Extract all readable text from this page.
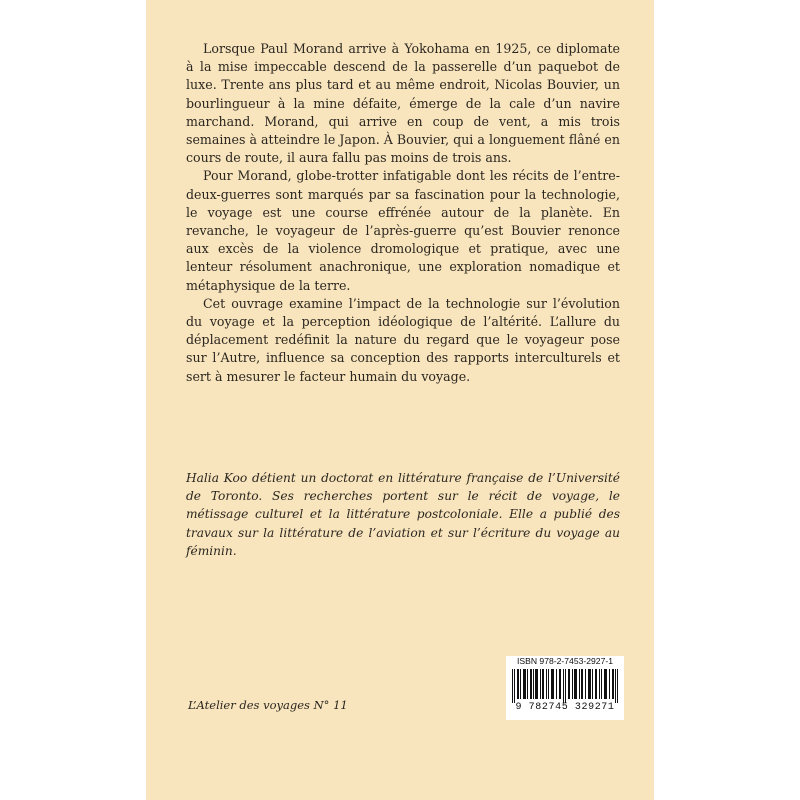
Lorsque Paul Morand arrive à Yokohama en 1925, ce diplomate à la mise impeccable descend de la passerelle d’un paquebot de luxe. Trente ans plus tard et au même endroit, Nicolas Bouvier, un bourlingueur à la mine défaite, émerge de la cale d’un navire marchand. Morand, qui arrive en coup de vent, a mis trois semaines à atteindre le Japon. À Bouvier, qui a longuement flâné en cours de route, il aura fallu pas moins de trois ans.

Pour Morand, globe-trotter infatigable dont les récits de l’entre-deux-guerres sont marqués par sa fascination pour la technologie, le voyage est une course effrénée autour de la planète. En revanche, le voyageur de l’après-guerre qu’est Bouvier renonce aux excès de la violence dromologique et pratique, avec une lenteur résolument anachronique, une exploration nomadique et métaphysique de la terre.

Cet ouvrage examine l’impact de la technologie sur l’évolution du voyage et la perception idéologique de l’altérité. L’allure du déplacement redéfinit la nature du regard que le voyageur pose sur l’Autre, influence sa conception des rapports interculturels et sert à mesurer le facteur humain du voyage.

Halia Koo détient un doctorat en littérature française de l’Université de Toronto. Ses recherches portent sur le récit de voyage, le métissage culturel et la littérature postcoloniale. Elle a publié des travaux sur la littérature de l’aviation et sur l’écriture du voyage au féminin.

L’Atelier des voyages N° 11
ISBN 978-2-7453-2927-1
9 782745 329271
